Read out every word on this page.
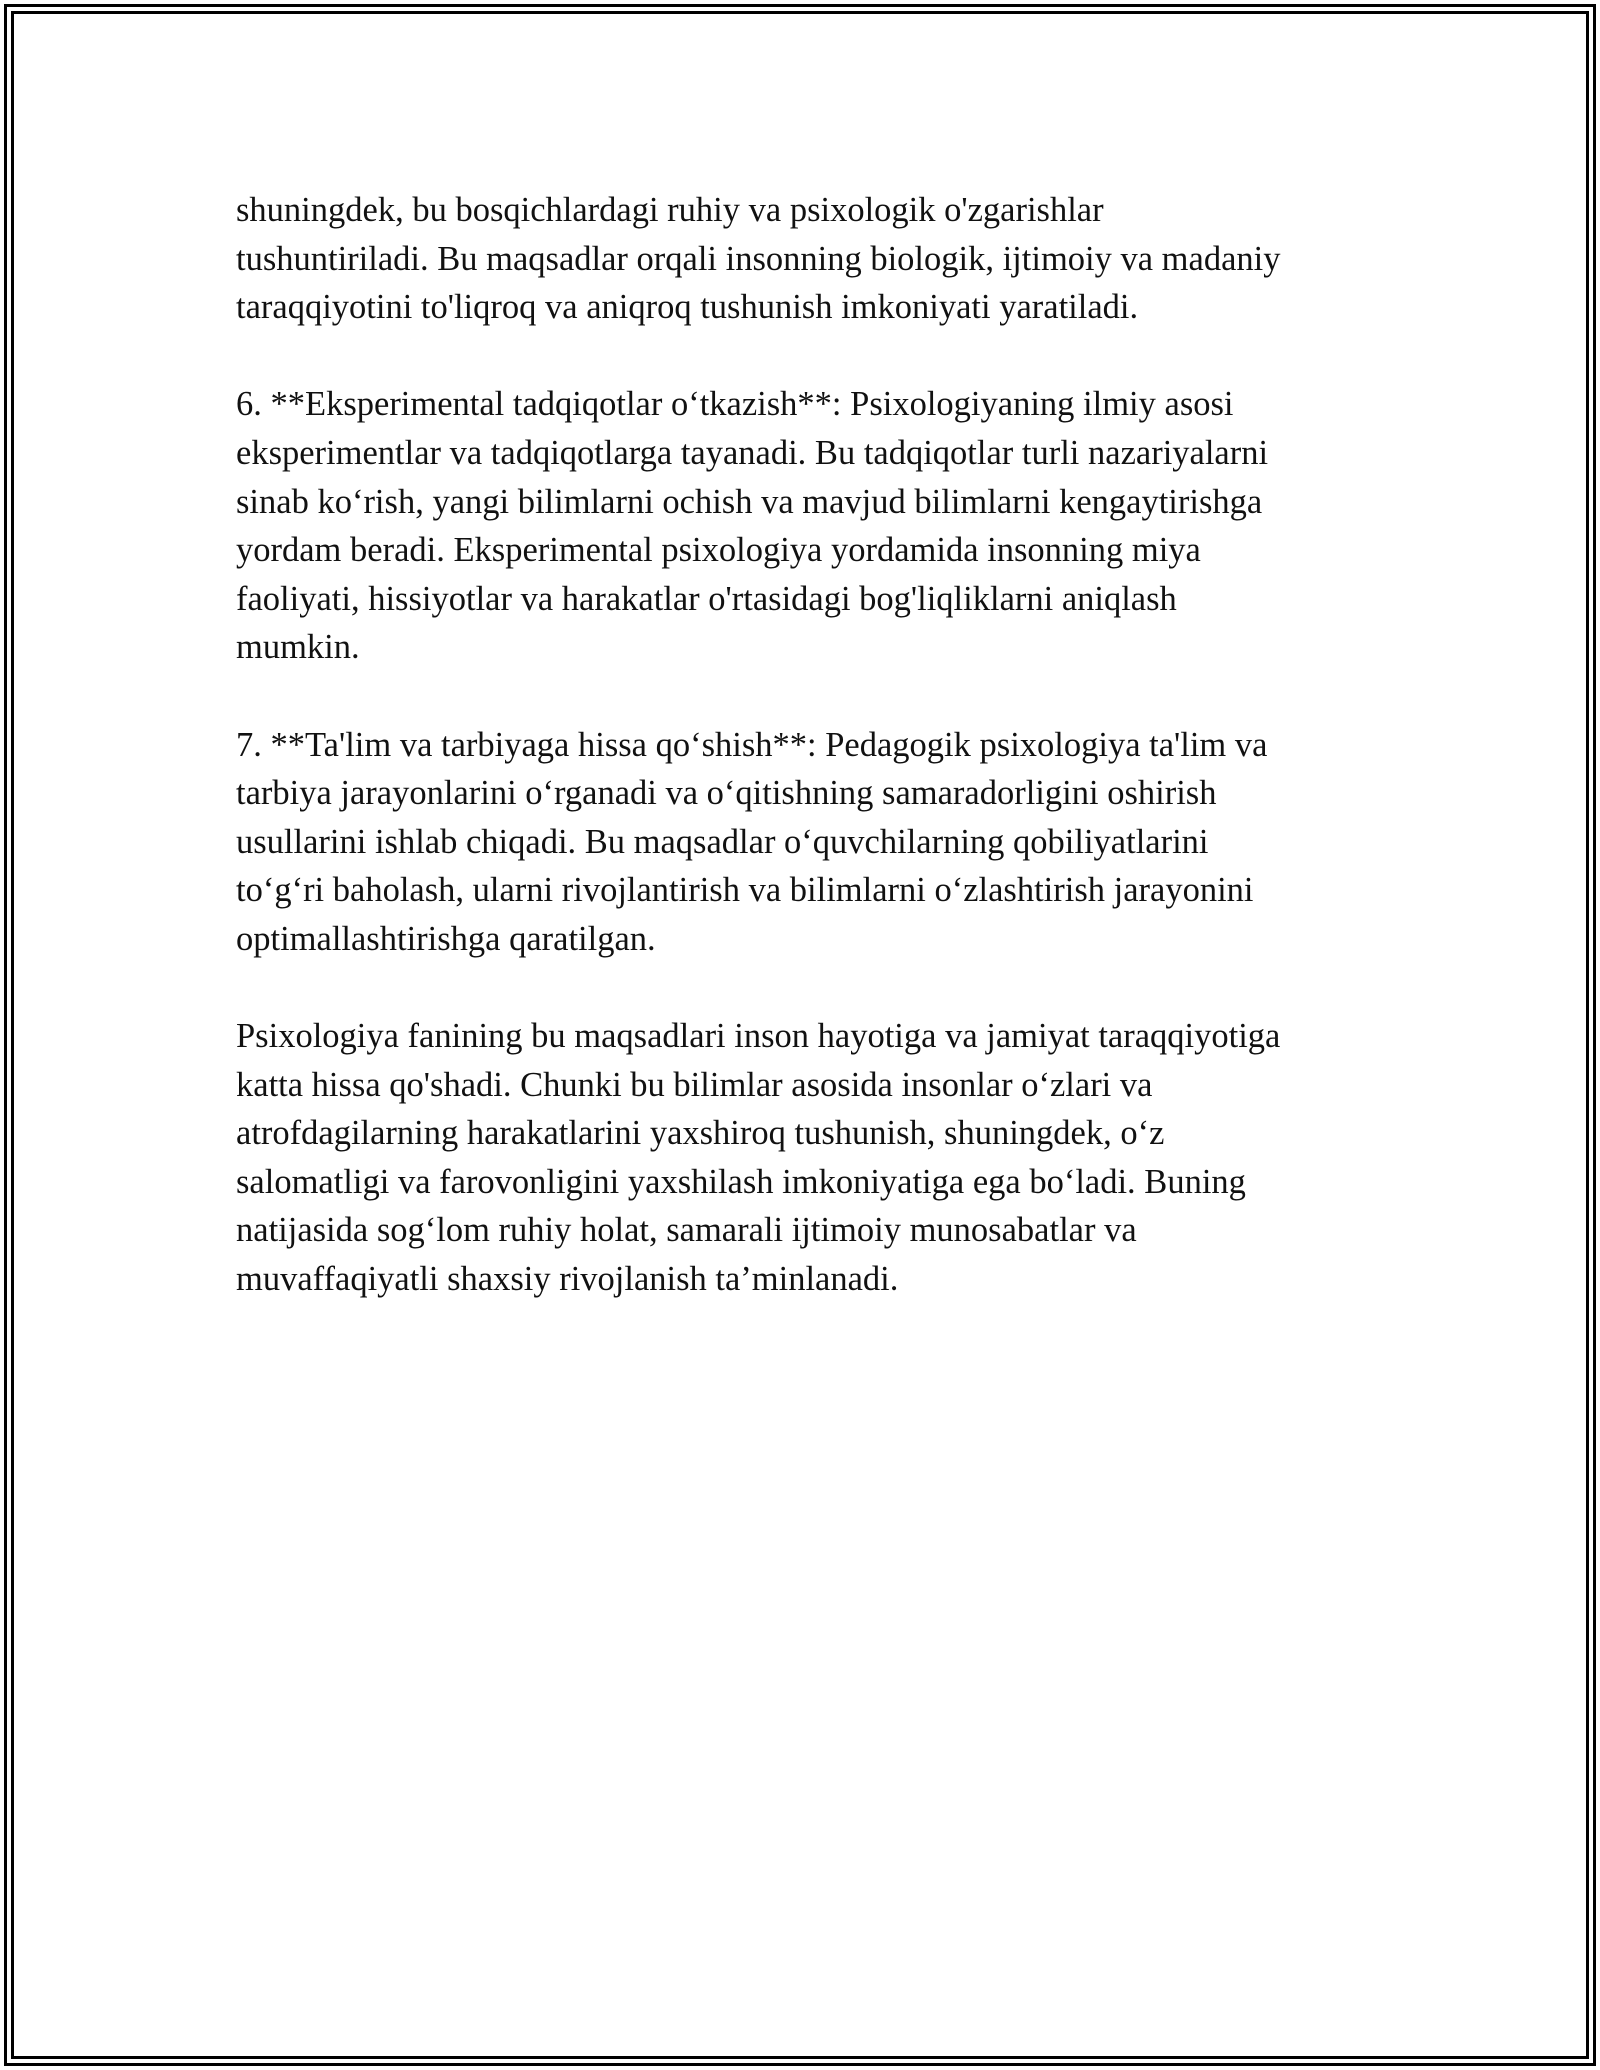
shuningdek, bu bosqichlardagi ruhiy va psixologik o'zgarishlar
tushuntiriladi. Bu maqsadlar orqali insonning biologik, ijtimoiy va madaniy
taraqqiyotini to'liqroq va aniqroq tushunish imkoniyati yaratiladi.

6. **Eksperimental tadqiqotlar o‘tkazish**: Psixologiyaning ilmiy asosi
eksperimentlar va tadqiqotlarga tayanadi. Bu tadqiqotlar turli nazariyalarni
sinab ko‘rish, yangi bilimlarni ochish va mavjud bilimlarni kengaytirishga
yordam beradi. Eksperimental psixologiya yordamida insonning miya
faoliyati, hissiyotlar va harakatlar o'rtasidagi bog'liqliklarni aniqlash
mumkin.

7. **Ta'lim va tarbiyaga hissa qo‘shish**: Pedagogik psixologiya ta'lim va
tarbiya jarayonlarini o‘rganadi va o‘qitishning samaradorligini oshirish
usullarini ishlab chiqadi. Bu maqsadlar o‘quvchilarning qobiliyatlarini
to‘g‘ri baholash, ularni rivojlantirish va bilimlarni o‘zlashtirish jarayonini
optimallashtirishga qaratilgan.

Psixologiya fanining bu maqsadlari inson hayotiga va jamiyat taraqqiyotiga
katta hissa qo'shadi. Chunki bu bilimlar asosida insonlar o‘zlari va
atrofdagilarning harakatlarini yaxshiroq tushunish, shuningdek, o‘z
salomatligi va farovonligini yaxshilash imkoniyatiga ega bo‘ladi. Buning
natijasida sog‘lom ruhiy holat, samarali ijtimoiy munosabatlar va
muvaffaqiyatli shaxsiy rivojlanish ta’minlanadi.
